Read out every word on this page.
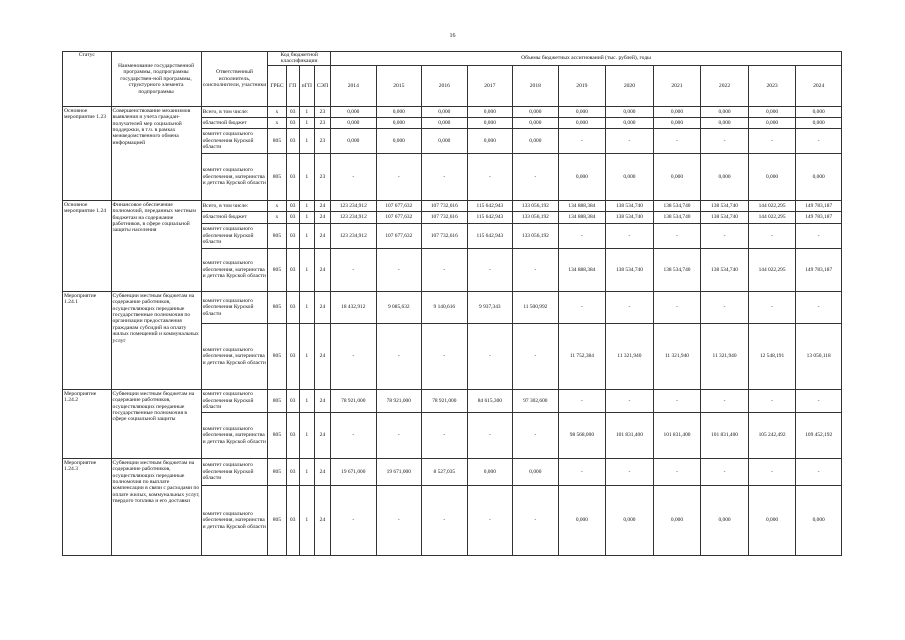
16
Статус	Наименование государственной программы, подпрограммы государствен-ной программы, структурного элемента подпрограммы	Ответственный исполнитель, соисполнители, участники	Код бюджетной классификации				Объемы бюджетных ассигнований (тыс. рублей), годы										
			ГРБС	ГП	пГП	СЭП	2014	2015	2016	2017	2018	2019	2020	2021	2022	2023	2024
Основное мероприятие 1.23	Совершенствование механизмов выявления и учета граждан-получателей мер социальной поддержки, в т.ч. в рамках межведомственного обмена информацией	Всего, в том числе:	х	03	1	23	0,000	0,000	0,000	0,000	0,000	0,000	0,000	0,000	0,000	0,000	0,000
		областной бюджет	х	03	1	23	0,000	0,000	0,000	0,000	0,000	0,000	0,000	0,000	0,000	0,000	0,000
		комитет социального обеспечения Курской области	805	03	1	23	0,000	0,000	0,000	0,000	0,000	-	-	-	-	-	-
		комитет социального обеспечения, материнства и детства Курской области	805	03	1	23	-	-	-	-	-	0,000	0,000	0,000	0,000	0,000	0,000
Основное мероприятие 1.24	Финансовое обеспечение полномочий, переданных местным бюджетам на содержание работников, в сфере социальной защиты населения	Всего, в том числе:	х	03	1	24	123 234,912	107 677,632	107 732,616	115 642,943	133 056,192	134 888,384	138 534,740	138 534,740	138 534,740	144 022,295	149 783,187
		областной бюджет	х	03	1	24	123 234,912	107 677,632	107 732,616	115 642,943	133 056,192	134 888,384	138 534,740	138 534,740	138 534,740	144 022,295	149 783,187
		комитет социального обеспечения Курской области	805	03	1	24	123 234,912	107 677,632	107 732,616	115 642,943	133 056,192	-	-	-	-	-	-
		комитет социального обеспечения, материнства и детства Курской области	805	03	1	24	-	-	-	-	-	134 888,384	138 534,740	138 534,740	138 534,740	144 022,295	149 783,187
Мероприятие 1.24.1	Субвенции местным бюджетам на содержание работников, осуществляющих переданные государственные полномочия по организации предоставления гражданам субсидий на оплату жилых помещений и коммунальных услуг	комитет социального обеспечения Курской области	805	03	1	24	18 432,912	9 085,632	9 140,616	9 937,343	11 500,992	-	-	-	-	-	-
		комитет социального обеспечения, материнства и детства Курской области	805	03	1	24	-	-	-	-	-	11 752,384	11 321,940	11 321,940	11 321,940	12 548,191	13 050,118
Мероприятие 1.24.2	Субвенции местным бюджетам на содержание работников, осуществляющих переданные государственные полномочия в сфере социальной защиты	комитет социального обеспечения Курской области	805	03	1	24	78 921,000	78 921,000	78 921,000	84 615,300	97 302,600	-	-	-	-	-	-
		комитет социального обеспечения, материнства и детства Курской области	805	03	1	24	-	-	-	-	-	98 568,000	101 831,400	101 831,400	101 831,400	105 242,492	109 452,192
Мероприятие 1.24.3	Субвенции местным бюджетам на содержание работников, осуществляющих переданные полномочия по выплате компенсации в связи с расходами по оплате жилых, коммунальных услуг, твердого топлива и его доставки	комитет социального обеспечения Курской области	805	03	1	24	19 671,000	19 671,000	8 527,035	0,000	0,000	-	-	-	-	-	-
		комитет социального обеспечения, материнства и детства Курской области	805	03	1	24	-	-	-	-	-	0,000	0,000	0,000	0,000	0,000	0,000
